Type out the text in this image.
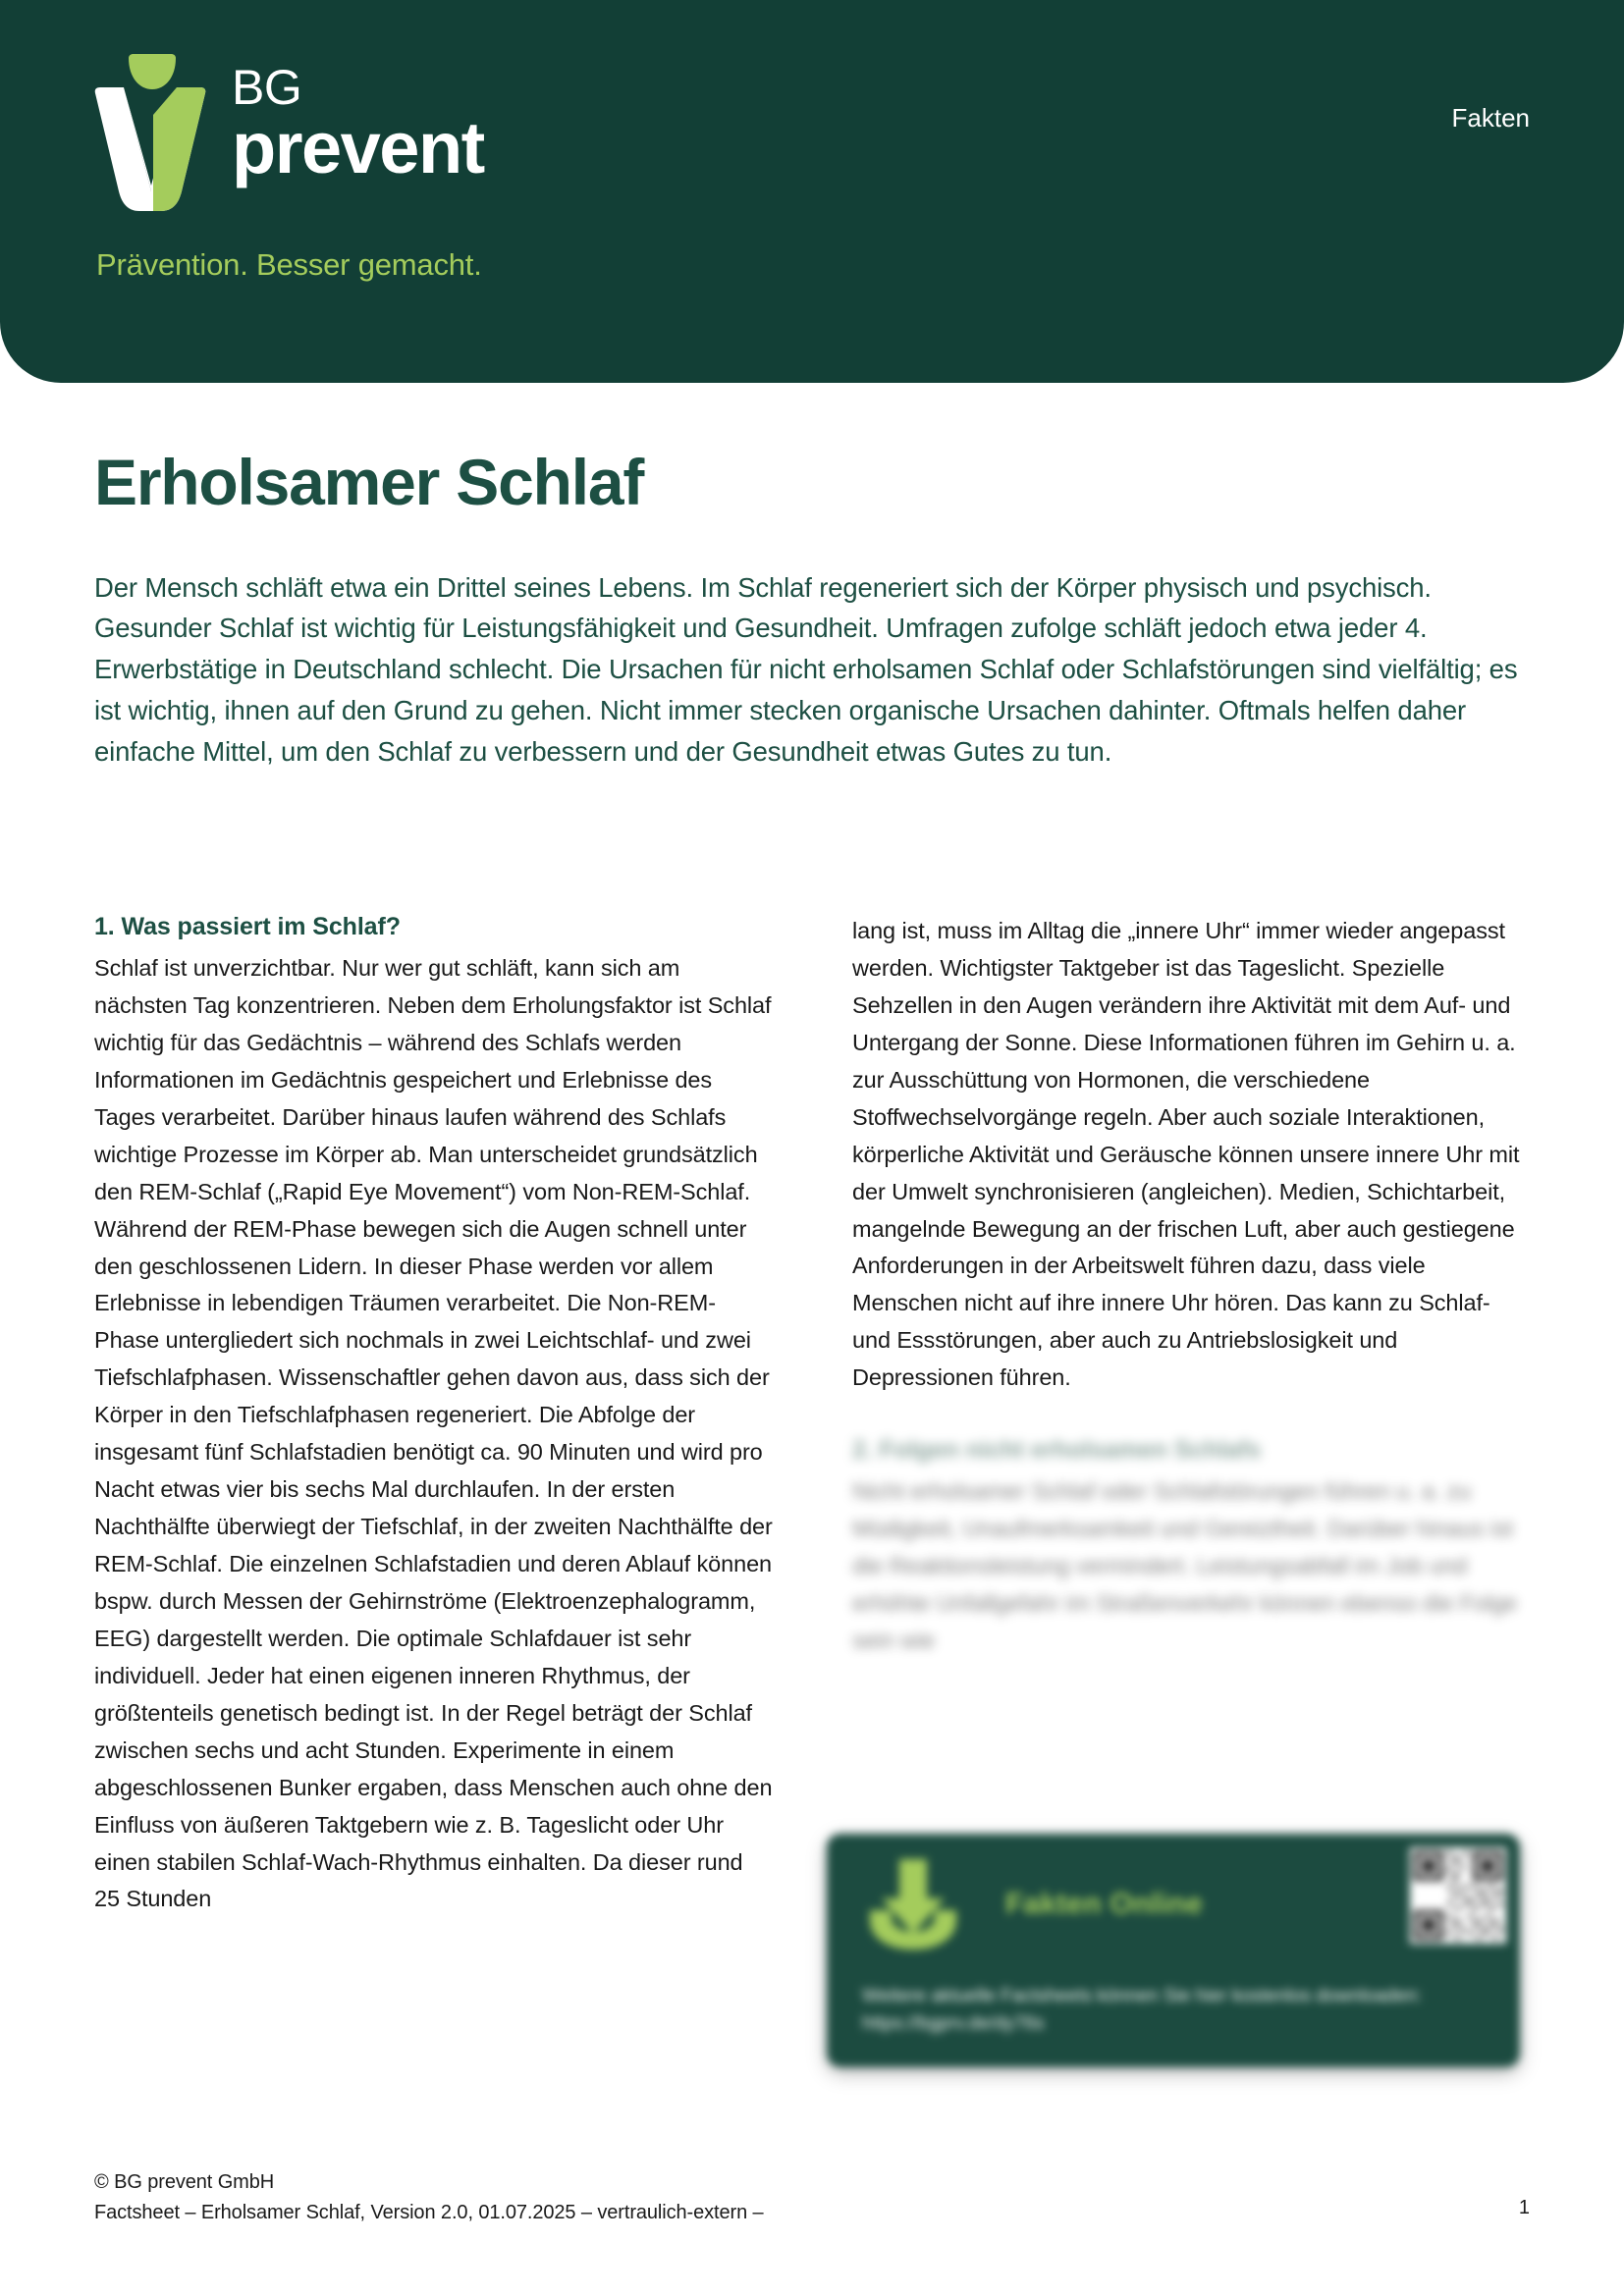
BG
prevent
Prävention. Besser gemacht.
Fakten
Erholsamer Schlaf

Der Mensch schläft etwa ein Drittel seines Lebens. Im Schlaf regeneriert sich der Körper physisch und psychisch. Gesunder Schlaf ist wichtig für Leistungsfähigkeit und Gesundheit. Umfragen zufolge schläft jedoch etwa jeder 4. Erwerbstätige in Deutschland schlecht. Die Ursachen für nicht erholsamen Schlaf oder Schlafstörungen sind vielfältig; es ist wichtig, ihnen auf den Grund zu gehen. Nicht immer stecken organische Ursachen dahinter. Oftmals helfen daher einfache Mittel, um den Schlaf zu verbessern und der Gesundheit etwas Gutes zu tun.

1. Was passiert im Schlaf?

Schlaf ist unverzichtbar. Nur wer gut schläft, kann sich am nächsten Tag konzentrieren. Neben dem Erholungsfaktor ist Schlaf wichtig für das Gedächtnis – während des Schlafs werden Informationen im Gedächtnis gespeichert und Erlebnisse des Tages verarbeitet. Darüber hinaus laufen während des Schlafs wichtige Prozesse im Körper ab. Man unterscheidet grundsätzlich den REM-Schlaf („Rapid Eye Movement“) vom Non-REM-Schlaf. Während der REM-Phase bewegen sich die Augen schnell unter den geschlossenen Lidern. In dieser Phase werden vor allem Erlebnisse in lebendigen Träumen verarbeitet. Die Non-REM-Phase untergliedert sich nochmals in zwei Leichtschlaf- und zwei Tiefschlafphasen. Wissenschaftler gehen davon aus, dass sich der Körper in den Tiefschlafphasen regeneriert. Die Abfolge der insgesamt fünf Schlafstadien benötigt ca. 90 Minuten und wird pro Nacht etwas vier bis sechs Mal durchlaufen. In der ersten Nachthälfte überwiegt der Tiefschlaf, in der zweiten Nachthälfte der REM-Schlaf. Die einzelnen Schlafstadien und deren Ablauf können bspw. durch Messen der Gehirnströme (Elektroenzephalogramm, EEG) dargestellt werden. Die optimale Schlafdauer ist sehr individuell. Jeder hat einen eigenen inneren Rhythmus, der größtenteils genetisch bedingt ist. In der Regel beträgt der Schlaf zwischen sechs und acht Stunden. Experimente in einem abgeschlossenen Bunker ergaben, dass Menschen auch ohne den Einfluss von äußeren Taktgebern wie z. B. Tageslicht oder Uhr einen stabilen Schlaf-Wach-Rhythmus einhalten. Da dieser rund 25 Stunden

lang ist, muss im Alltag die „innere Uhr“ immer wieder angepasst werden. Wichtigster Taktgeber ist das Tageslicht. Spezielle Sehzellen in den Augen verändern ihre Aktivität mit dem Auf- und Untergang der Sonne. Diese Informationen führen im Gehirn u. a. zur Ausschüttung von Hormonen, die verschiedene Stoffwechselvorgänge regeln. Aber auch soziale Interaktionen, körperliche Aktivität und Geräusche können unsere innere Uhr mit der Umwelt synchronisieren (angleichen). Medien, Schichtarbeit, mangelnde Bewegung an der frischen Luft, aber auch gestiegene Anforderungen in der Arbeitswelt führen dazu, dass viele Menschen nicht auf ihre innere Uhr hören. Das kann zu Schlaf- und Essstörungen, aber auch zu Antriebslosigkeit und Depressionen führen.

2. Folgen nicht erholsamen Schlafs

Nicht erholsamer Schlaf oder Schlafstörungen führen u. a. zu Müdigkeit, Unaufmerksamkeit und Gereiztheit. Darüber hinaus ist die Reaktionsleistung vermindert. Leistungsabfall im Job und erhöhte Unfallgefahr im Straßenverkehr können ebenso die Folge sein wie

Fakten Online
Weitere aktuelle Factsheets können Sie hier kostenlos downloaden: https://bgprv.de/dy76s
© BG prevent GmbH
Factsheet – Erholsamer Schlaf, Version 2.0, 01.07.2025 – vertraulich-extern –	1
